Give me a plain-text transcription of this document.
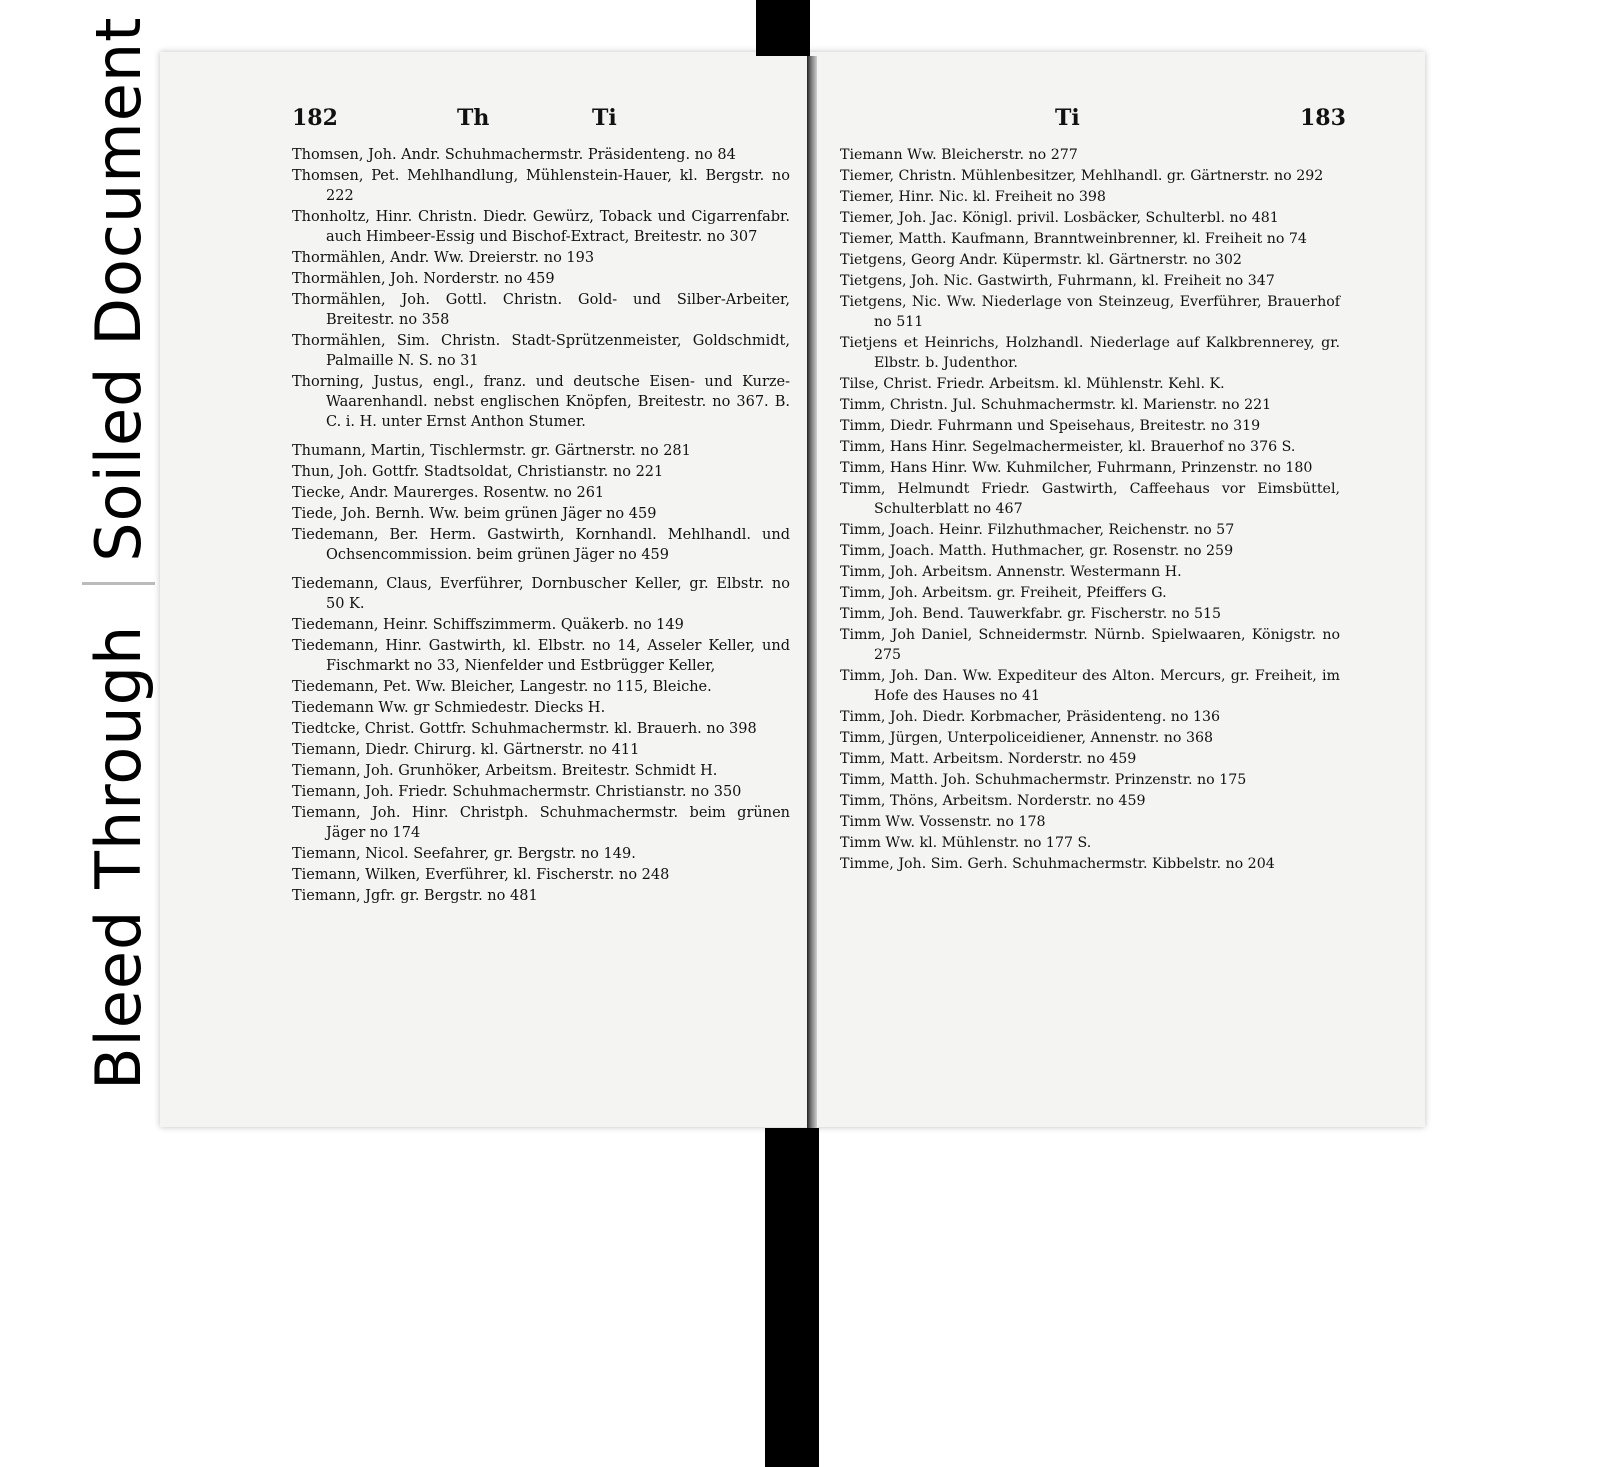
Bleed Through
Soiled Document	182	Th	Ti

Thomsen, Joh. Andr. Schuhmachermstr. Präsidenteng. no 84

Thomsen, Pet. Mehlhandlung, Mühlenstein-Hauer, kl. Bergstr. no 222

Thonholtz, Hinr. Christn. Diedr. Gewürz, Toback und Cigarrenfabr. auch Himbeer-Essig und Bischof-Extract, Breitestr. no 307

Thormählen, Andr. Ww. Dreierstr. no 193

Thormählen, Joh. Norderstr. no 459

Thormählen, Joh. Gottl. Christn. Gold- und Silber-Arbeiter, Breitestr. no 358

Thormählen, Sim. Christn. Stadt-Sprützenmeister, Goldschmidt, Palmaille N. S. no 31

Thorning, Justus, engl., franz. und deutsche Eisen- und Kurze-Waarenhandl. nebst englischen Knöpfen, Breitestr. no 367. B. C. i. H. unter Ernst Anthon Stumer.

Thumann, Martin, Tischlermstr. gr. Gärtnerstr. no 281

Thun, Joh. Gottfr. Stadtsoldat, Christianstr. no 221

Tiecke, Andr. Maurerges. Rosentw. no 261

Tiede, Joh. Bernh. Ww. beim grünen Jäger no 459

Tiedemann, Ber. Herm. Gastwirth, Kornhandl. Mehlhandl. und Ochsencommission. beim grünen Jäger no 459

Tiedemann, Claus, Everführer, Dornbuscher Keller, gr. Elbstr. no 50 K.

Tiedemann, Heinr. Schiffszimmerm. Quäkerb. no 149

Tiedemann, Hinr. Gastwirth, kl. Elbstr. no 14, Asseler Keller, und Fischmarkt no 33, Nienfelder und Estbrügger Keller,

Tiedemann, Pet. Ww. Bleicher, Langestr. no 115, Bleiche.

Tiedemann Ww. gr Schmiedestr. Diecks H.

Tiedtcke, Christ. Gottfr. Schuhmachermstr. kl. Brauerh. no 398

Tiemann, Diedr. Chirurg. kl. Gärtnerstr. no 411

Tiemann, Joh. Grunhöker, Arbeitsm. Breitestr. Schmidt H.

Tiemann, Joh. Friedr. Schuhmachermstr. Christianstr. no 350

Tiemann, Joh. Hinr. Christph. Schuhmachermstr. beim grünen Jäger no 174

Tiemann, Nicol. Seefahrer, gr. Bergstr. no 149.

Tiemann, Wilken, Everführer, kl. Fischerstr. no 248

Tiemann, Jgfr. gr. Bergstr. no 481

Ti	183

Tiemann Ww. Bleicherstr. no 277

Tiemer, Christn. Mühlenbesitzer, Mehlhandl. gr. Gärtnerstr. no 292

Tiemer, Hinr. Nic. kl. Freiheit no 398

Tiemer, Joh. Jac. Königl. privil. Losbäcker, Schulterbl. no 481

Tiemer, Matth. Kaufmann, Branntweinbrenner, kl. Freiheit no 74

Tietgens, Georg Andr. Küpermstr. kl. Gärtnerstr. no 302

Tietgens, Joh. Nic. Gastwirth, Fuhrmann, kl. Freiheit no 347

Tietgens, Nic. Ww. Niederlage von Steinzeug, Everführer, Brauerhof no 511

Tietjens et Heinrichs, Holzhandl. Niederlage auf Kalkbrennerey, gr. Elbstr. b. Judenthor.

Tilse, Christ. Friedr. Arbeitsm. kl. Mühlenstr. Kehl. K.

Timm, Christn. Jul. Schuhmachermstr. kl. Marienstr. no 221

Timm, Diedr. Fuhrmann und Speisehaus, Breitestr. no 319

Timm, Hans Hinr. Segelmachermeister, kl. Brauerhof no 376 S.

Timm, Hans Hinr. Ww. Kuhmilcher, Fuhrmann, Prinzenstr. no 180

Timm, Helmundt Friedr. Gastwirth, Caffeehaus vor Eimsbüttel, Schulterblatt no 467

Timm, Joach. Heinr. Filzhuthmacher, Reichenstr. no 57

Timm, Joach. Matth. Huthmacher, gr. Rosenstr. no 259

Timm, Joh. Arbeitsm. Annenstr. Westermann H.

Timm, Joh. Arbeitsm. gr. Freiheit, Pfeiffers G.

Timm, Joh. Bend. Tauwerkfabr. gr. Fischerstr. no 515

Timm, Joh Daniel, Schneidermstr. Nürnb. Spielwaaren, Königstr. no 275

Timm, Joh. Dan. Ww. Expediteur des Alton. Mercurs, gr. Freiheit, im Hofe des Hauses no 41

Timm, Joh. Diedr. Korbmacher, Präsidenteng. no 136

Timm, Jürgen, Unterpoliceidiener, Annenstr. no 368

Timm, Matt. Arbeitsm. Norderstr. no 459

Timm, Matth. Joh. Schuhmachermstr. Prinzenstr. no 175

Timm, Thöns, Arbeitsm. Norderstr. no 459

Timm Ww. Vossenstr. no 178

Timm Ww. kl. Mühlenstr. no 177 S.

Timme, Joh. Sim. Gerh. Schuhmachermstr. Kibbelstr. no 204
